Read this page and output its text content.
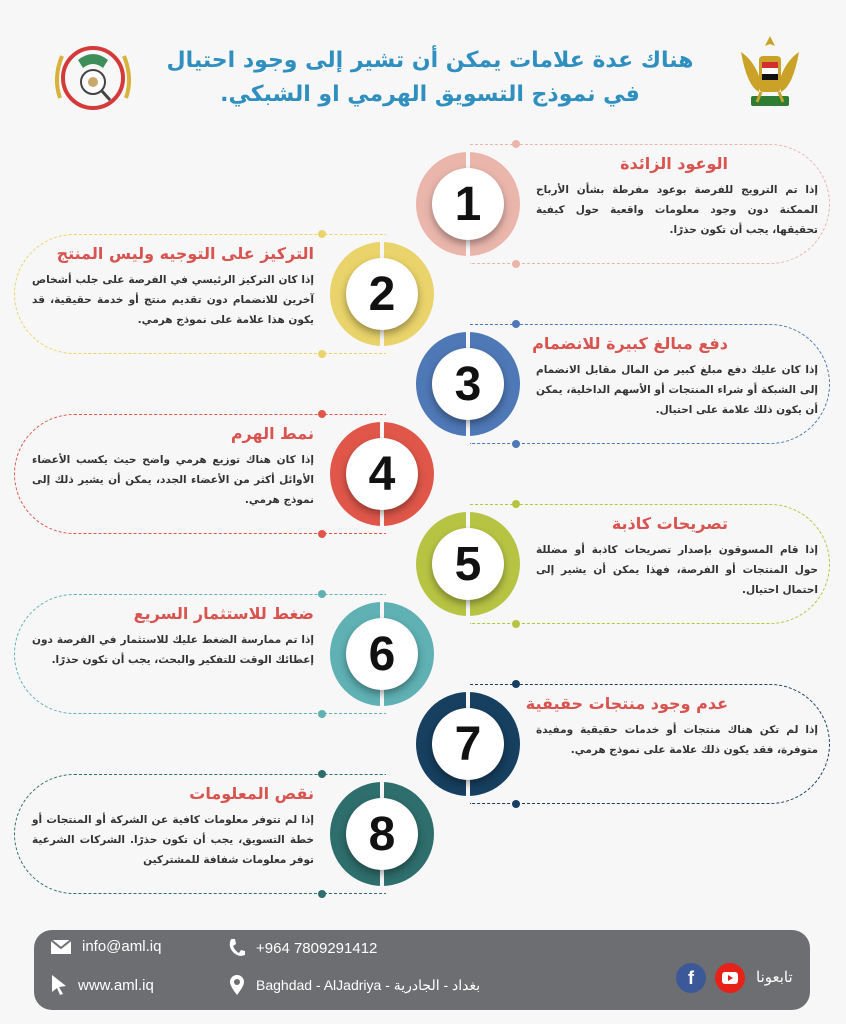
هناك عدة علامات يمكن أن تشير إلى وجود احتيال
في نموذج التسويق الهرمي او الشبكي.
الوعود الزائدة
إذا تم الترويج للفرصة بوعود مفرطة بشأن الأرباح الممكنة دون وجود معلومات واقعية حول كيفية تحقيقها، يجب أن تكون حذرًا.
1
التركيز على التوجيه وليس المنتج
إذا كان التركيز الرئيسي في الفرصة على جلب أشخاص آخرين للانضمام دون تقديم منتج أو خدمة حقيقية، قد يكون هذا علامة على نموذج هرمي.	2
دفع مبالغ كبيرة للانضمام
إذا كان عليك دفع مبلغ كبير من المال مقابل الانضمام إلى الشبكة أو شراء المنتجات أو الأسهم الداخلية، يمكن أن يكون ذلك علامة على احتيال.
3
نمط الهرم
إذا كان هناك توزيع هرمي واضح حيث يكسب الأعضاء الأوائل أكثر من الأعضاء الجدد، يمكن أن يشير ذلك إلى نموذج هرمي.	4
تصريحات كاذبة
إذا قام المسوقون بإصدار تصريحات كاذبة أو مضللة حول المنتجات أو الفرصة، فهذا يمكن أن يشير إلى احتمال احتيال.
5
ضغط للاستثمار السريع
إذا تم ممارسة الضغط عليك للاستثمار في الفرصة دون إعطائك الوقت للتفكير والبحث، يجب أن تكون حذرًا.	6
عدم وجود منتجات حقيقية
إذا لم تكن هناك منتجات أو خدمات حقيقية ومفيدة متوفرة، فقد يكون ذلك علامة على نموذج هرمي.
7
نقص المعلومات
إذا لم تتوفر معلومات كافية عن الشركة أو المنتجات أو خطة التسويق، يجب أن تكون حذرًا. الشركات الشرعية توفر معلومات شفافة للمشتركين	8
info@aml.iq	+964 7809291412
www.aml.iq	Baghdad - AlJadriya - بغداد - الجادرية	f	تابعونا
